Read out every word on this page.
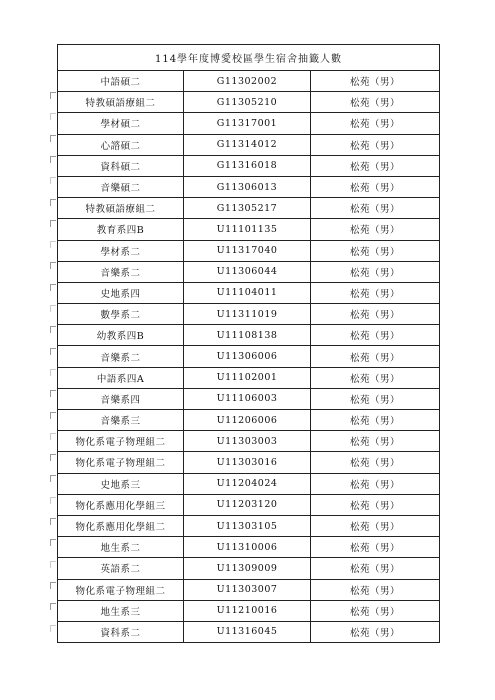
114學年度博愛校區學生宿舍抽籤人數		
中語碩二	G11302002	松苑（男）
特教碩語療組二	G11305210	松苑（男）
學材碩二	G11317001	松苑（男）
心諮碩二	G11314012	松苑（男）
資科碩二	G11316018	松苑（男）
音樂碩二	G11306013	松苑（男）
特教碩語療組二	G11305217	松苑（男）
教育系四B	U11101135	松苑（男）
學材系二	U11317040	松苑（男）
音樂系二	U11306044	松苑（男）
史地系四	U11104011	松苑（男）
數學系二	U11311019	松苑（男）
幼教系四B	U11108138	松苑（男）
音樂系二	U11306006	松苑（男）
中語系四A	U11102001	松苑（男）
音樂系四	U11106003	松苑（男）
音樂系三	U11206006	松苑（男）
物化系電子物理組二	U11303003	松苑（男）
物化系電子物理組二	U11303016	松苑（男）
史地系三	U11204024	松苑（男）
物化系應用化學組三	U11203120	松苑（男）
物化系應用化學組二	U11303105	松苑（男）
地生系二	U11310006	松苑（男）
英語系二	U11309009	松苑（男）
物化系電子物理組二	U11303007	松苑（男）
地生系三	U11210016	松苑（男）
資科系二	U11316045	松苑（男）
